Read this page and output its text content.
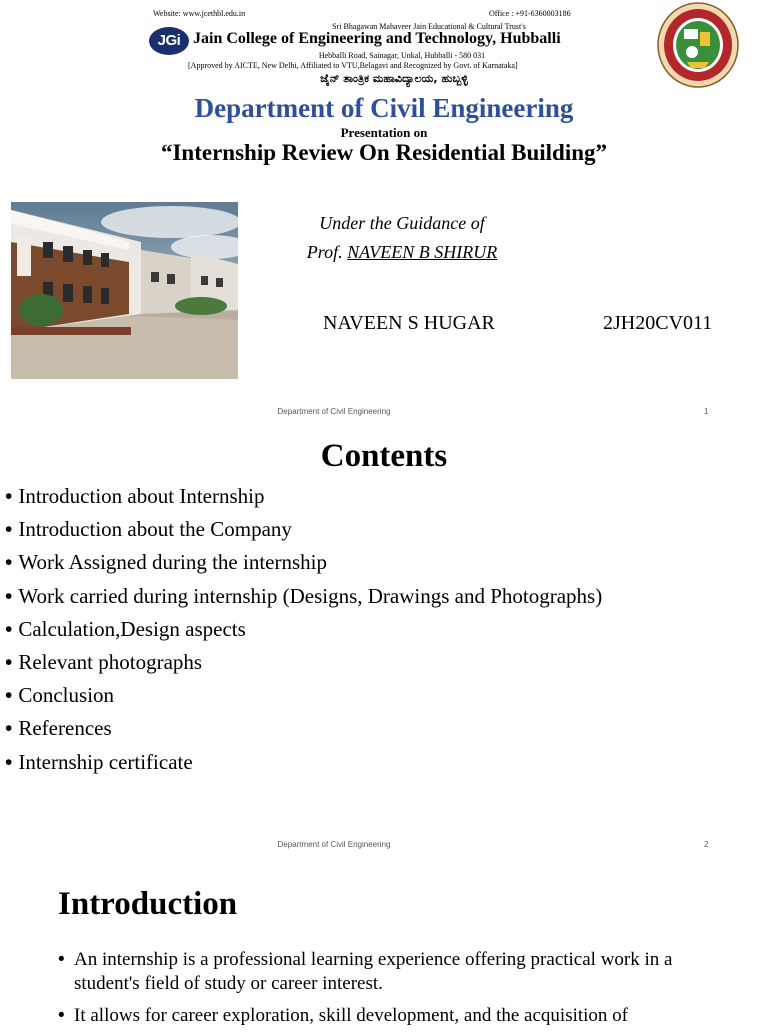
Website: www.jcethbl.edu.in	Office : +91-6360003186
Sri Bhagawan Mahaveer Jain Educational & Cultural Trust's
JGi Jain College of Engineering and Technology, Hubballi
Hebballi Road, Sainagar, Unkal, Hubballi - 580 031
[Approved by AICTE, New Delhi, Affiliated to VTU,Belagavi and Recognized by Govt. of Karnataka]
ಜೈನ್ ತಾಂತ್ರಿಕ ಮಹಾವಿದ್ಯಾಲಯ, ಹುಬ್ಬಳ್ಳಿ
Department of Civil Engineering
Presentation on
“Internship Review On Residential Building”
Under the Guidance of
Prof. NAVEEN B SHIRUR
NAVEEN S HUGAR	2JH20CV011
Department of Civil Engineering	1
Contents
• Introduction about Internship
• Introduction about the Company
• Work Assigned during the internship
• Work carried during internship (Designs, Drawings and Photographs)
• Calculation,Design aspects
• Relevant photographs
• Conclusion
• References
• Internship certificate
Department of Civil Engineering	2
Introduction
• An internship is a professional learning experience offering practical work in a student's field of study or career interest.
• It allows for career exploration, skill development, and the acquisition of
